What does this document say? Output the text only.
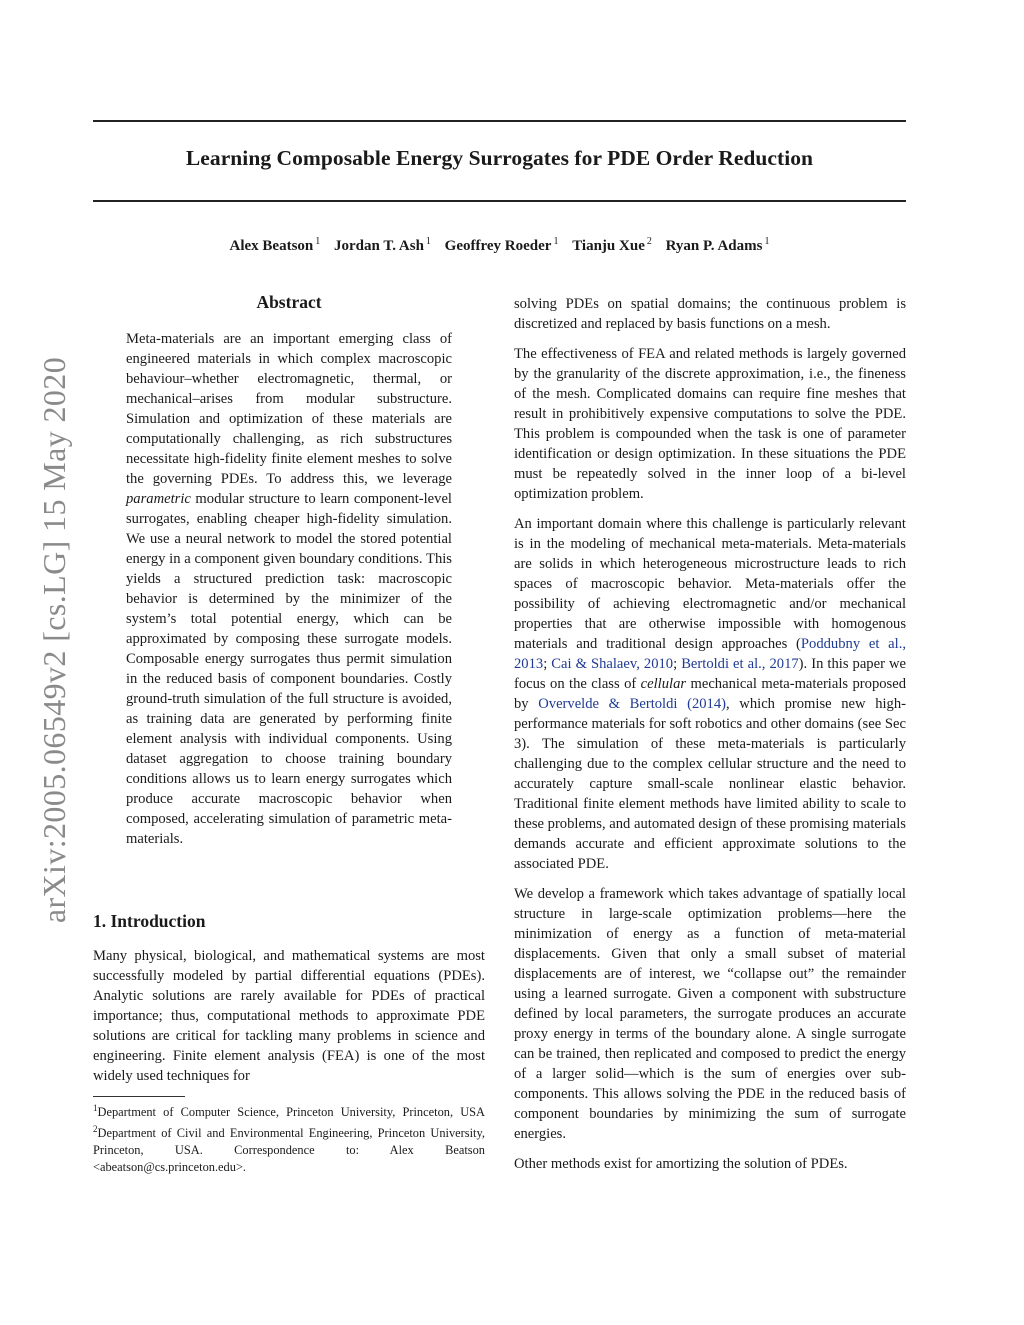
Learning Composable Energy Surrogates for PDE Order Reduction
Alex Beatson $^1$ Jordan T. Ash $^1$ Geoffrey Roeder $^1$ Tianju Xue $^2$ Ryan P. Adams $^1$
arXiv:2005.06549v2 [cs.LG] 15 May 2020
Abstract
Meta-materials are an important emerging class of engineered materials in which complex macroscopic behaviour–whether electromagnetic, thermal, or mechanical–arises from modular substructure. Simulation and optimization of these materials are computationally challenging, as rich substructures necessitate high-fidelity finite element meshes to solve the governing PDEs. To address this, we leverage parametric modular structure to learn component-level surrogates, enabling cheaper high-fidelity simulation. We use a neural network to model the stored potential energy in a component given boundary conditions. This yields a structured prediction task: macroscopic behavior is determined by the minimizer of the system’s total potential energy, which can be approximated by composing these surrogate models. Composable energy surrogates thus permit simulation in the reduced basis of component boundaries. Costly ground-truth simulation of the full structure is avoided, as training data are generated by performing finite element analysis with individual components. Using dataset aggregation to choose training boundary conditions allows us to learn energy surrogates which produce accurate macroscopic behavior when composed, accelerating simulation of parametric meta-materials.
1. Introduction
Many physical, biological, and mathematical systems are most successfully modeled by partial differential equations (PDEs). Analytic solutions are rarely available for PDEs of practical importance; thus, computational methods to approximate PDE solutions are critical for tackling many problems in science and engineering. Finite element analysis (FEA) is one of the most widely used techniques for
$^1$Department of Computer Science, Princeton University, Princeton, USA $^2$Department of Civil and Environmental Engineering, Princeton University, Princeton, USA. Correspondence to: Alex Beatson <abeatson@cs.princeton.edu>.

solving PDEs on spatial domains; the continuous problem is discretized and replaced by basis functions on a mesh.

The effectiveness of FEA and related methods is largely governed by the granularity of the discrete approximation, i.e., the fineness of the mesh. Complicated domains can require fine meshes that result in prohibitively expensive computations to solve the PDE. This problem is compounded when the task is one of parameter identification or design optimization. In these situations the PDE must be repeatedly solved in the inner loop of a bi-level optimization problem.

An important domain where this challenge is particularly relevant is in the modeling of mechanical meta-materials. Meta-materials are solids in which heterogeneous microstructure leads to rich spaces of macroscopic behavior. Meta-materials offer the possibility of achieving electromagnetic and/or mechanical properties that are otherwise impossible with homogenous materials and traditional design approaches (Poddubny et al., 2013; Cai & Shalaev, 2010; Bertoldi et al., 2017). In this paper we focus on the class of cellular mechanical meta-materials proposed by Overvelde & Bertoldi (2014), which promise new high-performance materials for soft robotics and other domains (see Sec 3). The simulation of these meta-materials is particularly challenging due to the complex cellular structure and the need to accurately capture small-scale nonlinear elastic behavior. Traditional finite element methods have limited ability to scale to these problems, and automated design of these promising materials demands accurate and efficient approximate solutions to the associated PDE.

We develop a framework which takes advantage of spatially local structure in large-scale optimization problems—here the minimization of energy as a function of meta-material displacements. Given that only a small subset of material displacements are of interest, we “collapse out” the remainder using a learned surrogate. Given a component with substructure defined by local parameters, the surrogate produces an accurate proxy energy in terms of the boundary alone. A single surrogate can be trained, then replicated and composed to predict the energy of a larger solid—which is the sum of energies over sub-components. This allows solving the PDE in the reduced basis of component boundaries by minimizing the sum of surrogate energies.

Other methods exist for amortizing the solution of PDEs.
